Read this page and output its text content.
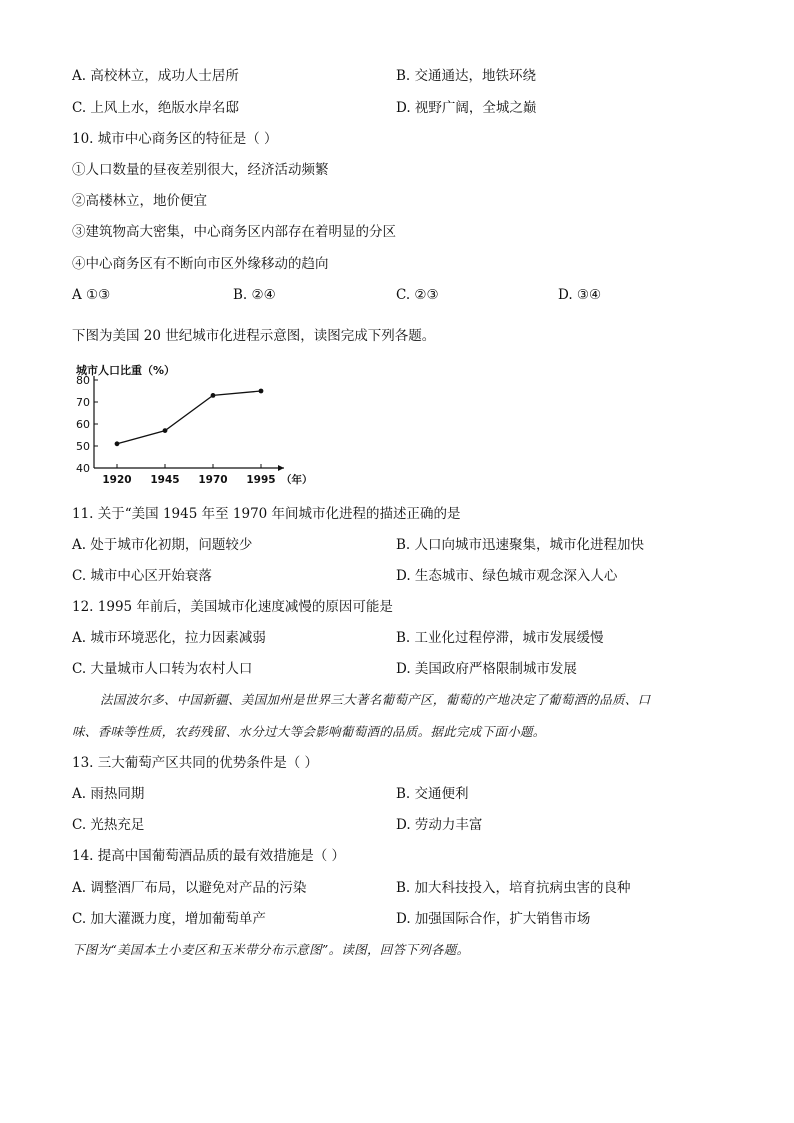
A. 高校林立，成功人士居所	B. 交通通达，地铁环绕
C. 上风上水，绝版水岸名邸	D. 视野广阔，全城之巅
10. 城市中心商务区的特征是（ ）
①人口数量的昼夜差别很大，经济活动频繁
②高楼林立，地价便宜
③建筑物高大密集，中心商务区内部存在着明显的分区
④中心商务区有不断向市区外缘移动的趋向
A ①③	B. ②④	C. ②③	D. ③④
下图为美国 20 世纪城市化进程示意图，读图完成下列各题。
城市人口比重（%）
40
50
60
70
80
1920 1945 1970 1995 （年）
11. 关于“美国 1945 年至 1970 年间城市化进程的描述正确的是
A. 处于城市化初期，问题较少	B. 人口向城市迅速聚集，城市化进程加快
C. 城市中心区开始衰落	D. 生态城市、绿色城市观念深入人心
12. 1995 年前后，美国城市化速度减慢的原因可能是
A. 城市环境恶化，拉力因素减弱	B. 工业化过程停滞，城市发展缓慢
C. 大量城市人口转为农村人口	D. 美国政府严格限制城市发展
法国波尔多、中国新疆、美国加州是世界三大著名葡萄产区，葡萄的产地决定了葡萄酒的品质、口
味、香味等性质，农药残留、水分过大等会影响葡萄酒的品质。据此完成下面小题。
13. 三大葡萄产区共同的优势条件是（ ）
A. 雨热同期	B. 交通便利
C. 光热充足	D. 劳动力丰富
14. 提高中国葡萄酒品质的最有效措施是（ ）
A. 调整酒厂布局，以避免对产品的污染	B. 加大科技投入，培育抗病虫害的良种
C. 加大灌溉力度，增加葡萄单产	D. 加强国际合作，扩大销售市场
下图为“美国本土小麦区和玉米带分布示意图”。读图，回答下列各题。
